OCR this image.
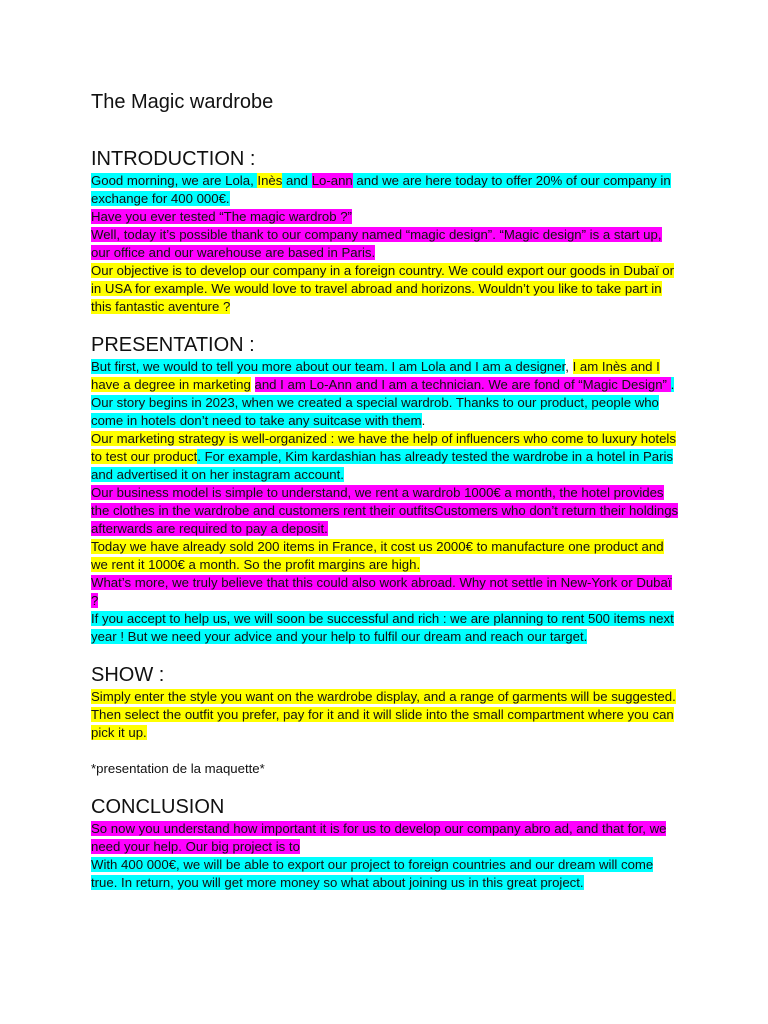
The Magic wardrobe
INTRODUCTION :

Good morning, we are Lola, Inès and Lo-ann and we are here today to offer 20% of our company in exchange for 400 000€.

Have you ever tested “The magic wardrob ?”

Well, today it’s possible thank to our company named “magic design”. “Magic design” is a start up, our office and our warehouse are based in Paris.

Our objective is to develop our company in a foreign country. We could export our goods in Dubaï or in USA for example. We would love to travel abroad and horizons. Wouldn’t you like to take part in this fantastic aventure ?

PRESENTATION :

But first, we would to tell you more about our team. I am Lola and I am a designer, I am Inès and I have a degree in marketing and I am Lo-Ann and I am a technician. We are fond of “Magic Design” . Our story begins in 2023, when we created a special wardrob. Thanks to our product, people who come in hotels don’t need to take any suitcase with them.

Our marketing strategy is well-organized : we have the help of influencers who come to luxury hotels to test our product. For example, Kim kardashian has already tested the wardrobe in a hotel in Paris and advertised it on her instagram account.

Our business model is simple to understand, we rent a wardrob 1000€ a month, the hotel provides the clothes in the wardrobe and customers rent their outfitsCustomers who don’t return their holdings afterwards are required to pay a deposit.

Today we have already sold 200 items in France, it cost us 2000€ to manufacture one product and we rent it 1000€ a month. So the profit margins are high.

What’s more, we truly believe that this could also work abroad. Why not settle in New-York or Dubaï ?

If you accept to help us, we will soon be successful and rich : we are planning to rent 500 items next year ! But we need your advice and your help to fulfil our dream and reach our target.

SHOW :

Simply enter the style you want on the wardrobe display, and a range of garments will be suggested. Then select the outfit you prefer, pay for it and it will slide into the small compartment where you can pick it up.

*presentation de la maquette*

CONCLUSION

So now you understand how important it is for us to develop our company abro ad, and that for, we need your help. Our big project is to

With 400 000€, we will be able to export our project to foreign countries and our dream will come true. In return, you will get more money so what about joining us in this great project.
